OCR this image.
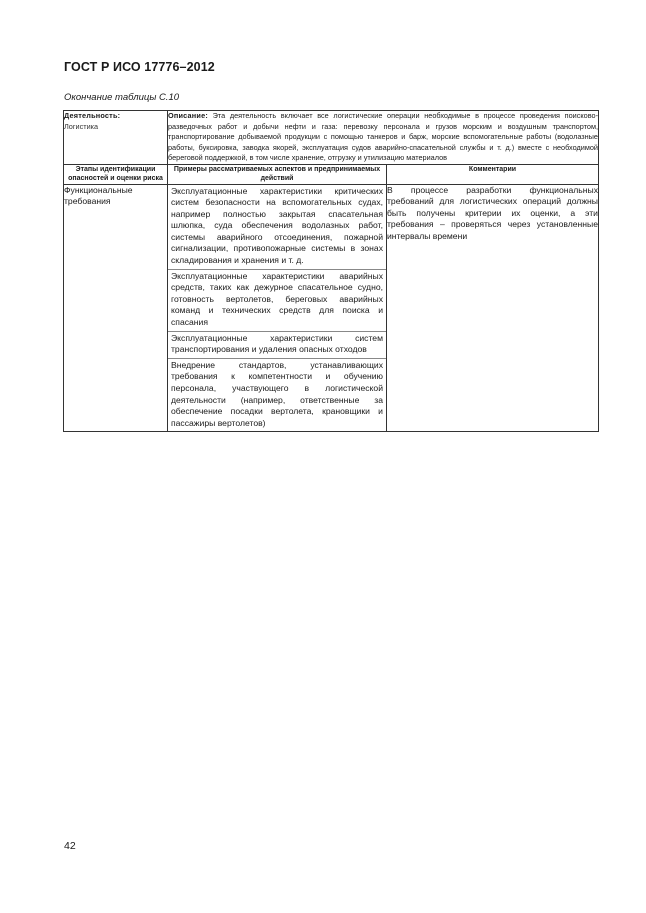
ГОСТ Р ИСО 17776–2012
Окончание таблицы С.10
Деятельность:
Логистика	Описание: Эта деятельность включает все логистические операции необходимые в процессе проведения поисково-разведочных работ и добычи нефти и газа: перевозку персонала и грузов морским и воздушным транспортом, транспортирование добываемой продукции с помощью танкеров и барж, морские вспомогательные работы (водолазные работы, буксировка, заводка якорей, эксплуатация судов аварийно-спасательной службы и т. д.) вместе с необходимой береговой поддержкой, в том числе хранение, отгрузку и утилизацию материалов	
Этапы идентификации опасностей и оценки риска	Примеры рассматриваемых аспектов и предпринимаемых действий	Комментарии
Функциональные требования	Эксплуатационные характеристики критических систем безопасности на вспомогательных судах, например полностью закрытая спасательная шлюпка, суда обеспечения водолазных работ, системы аварийного отсоединения, пожарной сигнализации, противопожарные системы в зонах складирования и хранения и т. д.
Эксплуатационные характеристики аварийных средств, таких как дежурное спасательное судно, готовность вертолетов, береговых аварийных команд и технических средств для поиска и спасания
Эксплуатационные характеристики систем транспортирования и удаления опасных отходов
Внедрение стандартов, устанавливающих требования к компетентности и обучению персонала, участвующего в логистической деятельности (например, ответственные за обеспечение посадки вертолета, крановщики и пассажиры вертолетов)	В процессе разработки функциональных требований для логистических операций должны быть получены критерии их оценки, а эти требования – проверяться через установленные интервалы времени
42
